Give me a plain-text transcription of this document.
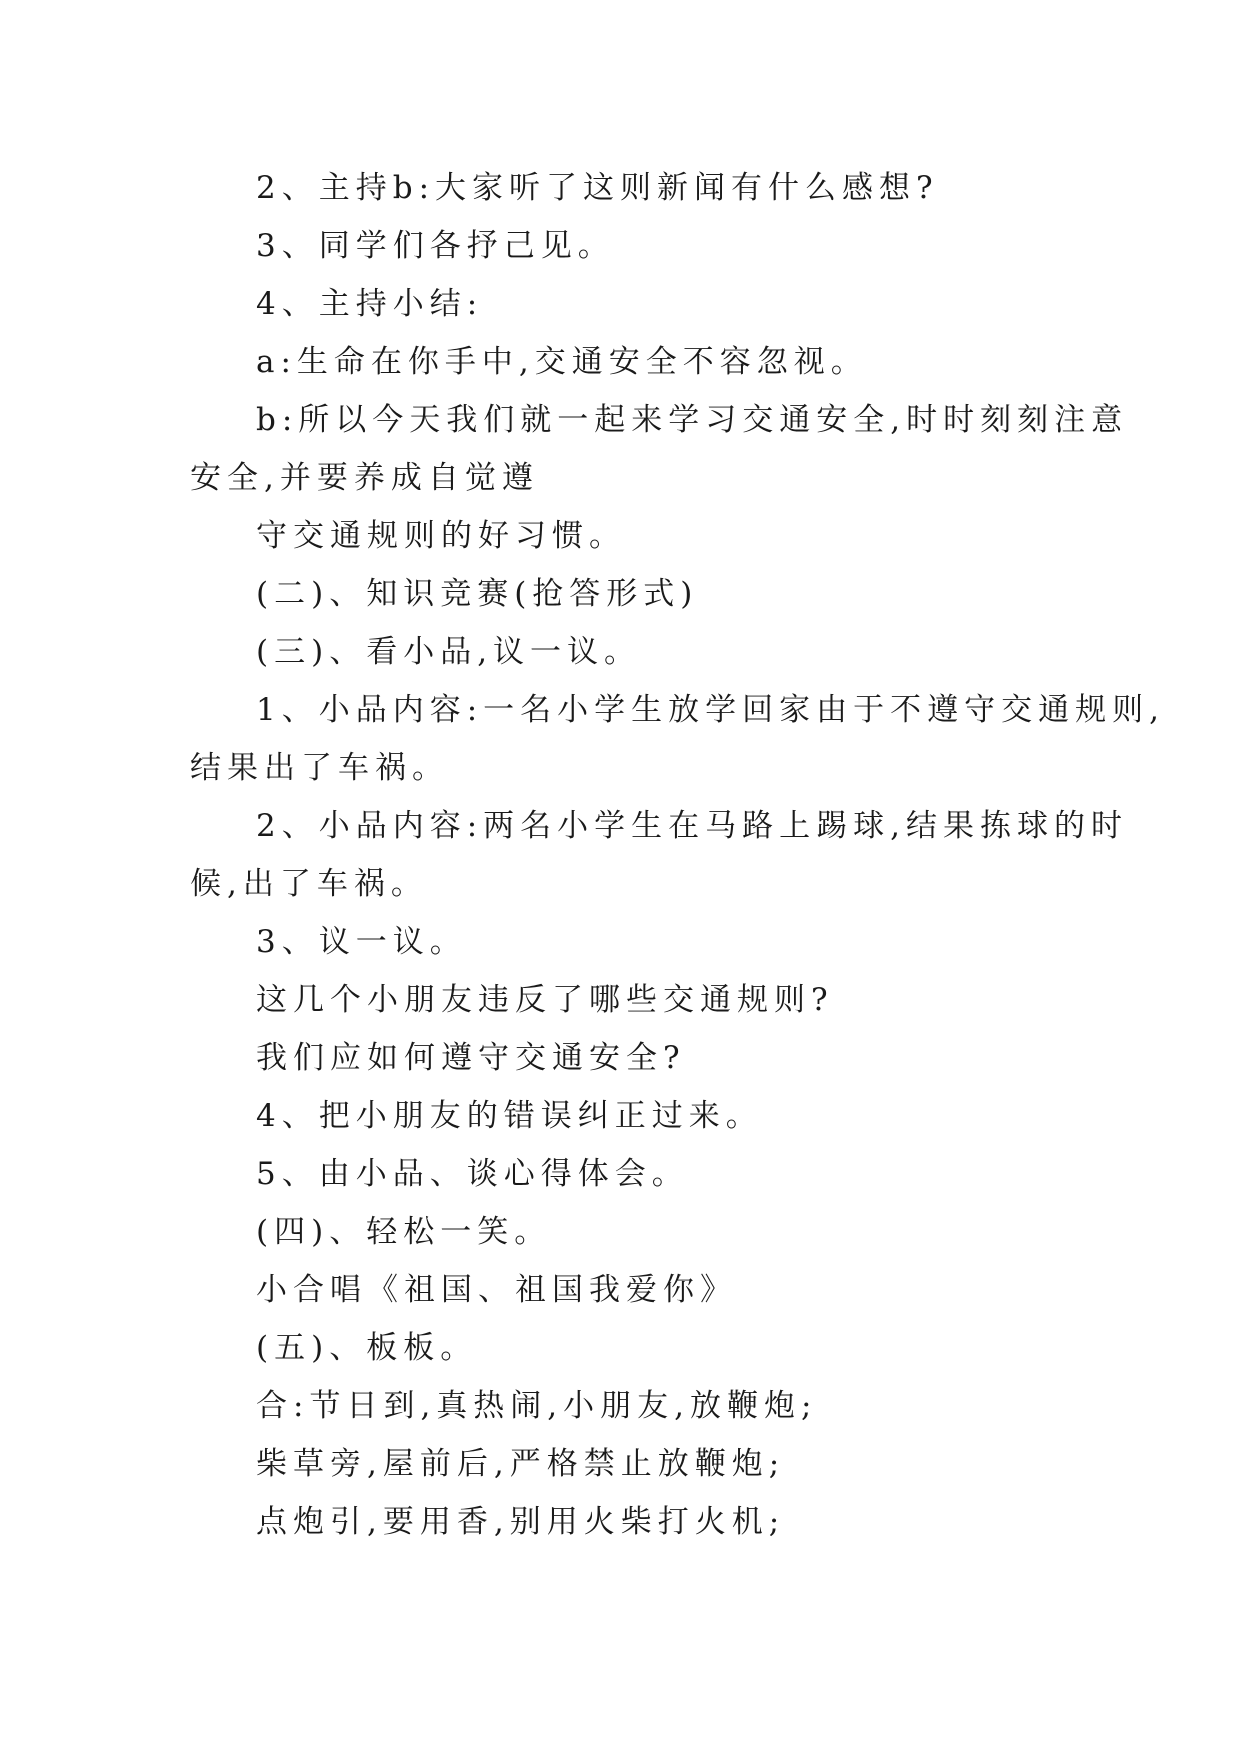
2、主持b:大家听了这则新闻有什么感想?
3、同学们各抒己见。
4、主持小结:
a:生命在你手中,交通安全不容忽视。
b:所以今天我们就一起来学习交通安全,时时刻刻注意
安全,并要养成自觉遵
守交通规则的好习惯。
(二)、知识竞赛(抢答形式)
(三)、看小品,议一议。
1、小品内容:一名小学生放学回家由于不遵守交通规则,
结果出了车祸。
2、小品内容:两名小学生在马路上踢球,结果拣球的时
候,出了车祸。
3、议一议。
这几个小朋友违反了哪些交通规则?
我们应如何遵守交通安全?
4、把小朋友的错误纠正过来。
5、由小品、谈心得体会。
(四)、轻松一笑。
小合唱《祖国、祖国我爱你》
(五)、板板。
合:节日到,真热闹,小朋友,放鞭炮;
柴草旁,屋前后,严格禁止放鞭炮;
点炮引,要用香,别用火柴打火机;
